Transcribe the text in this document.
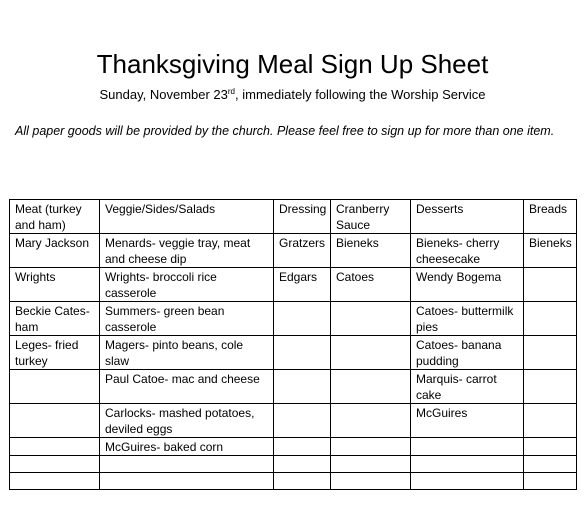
Thanksgiving Meal Sign Up Sheet
Sunday, November 23rd, immediately following the Worship Service
All paper goods will be provided by the church. Please feel free to sign up for more than one item.
Meat (turkey and ham)	Veggie/Sides/Salads	Dressing	Cranberry Sauce	Desserts	Breads
Mary Jackson	Menards- veggie tray, meat and cheese dip	Gratzers	Bieneks	Bieneks- cherry cheesecake	Bieneks
Wrights	Wrights- broccoli rice casserole	Edgars	Catoes	Wendy Bogema	
Beckie Cates- ham	Summers- green bean casserole			Catoes- buttermilk pies	
Leges- fried turkey	Magers- pinto beans, cole slaw			Catoes- banana pudding	
	Paul Catoe- mac and cheese			Marquis- carrot cake	
	Carlocks- mashed potatoes, deviled eggs			McGuires	
	McGuires- baked corn				
